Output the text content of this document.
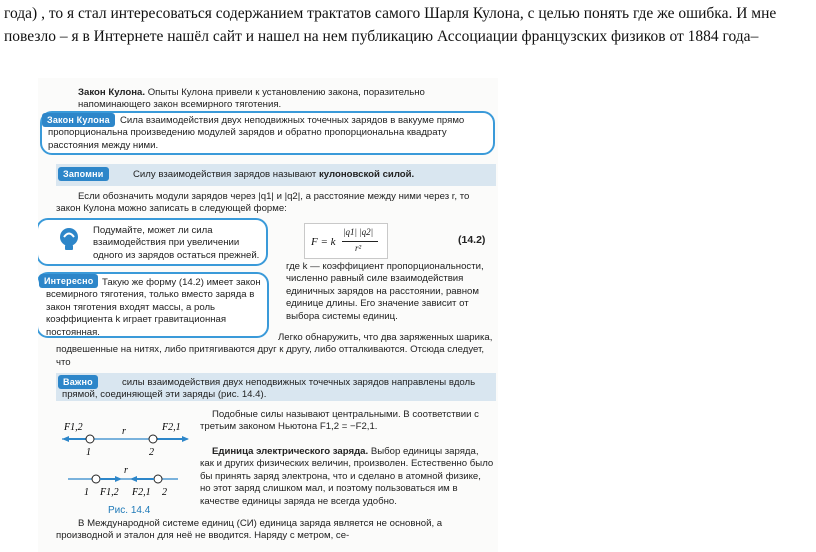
года) , то я стал интересоваться содержанием трактатов самого Шарля Кулона, с целью понять где же ошибка. И мне
повезло – я в Интернете нашёл сайт и нашел на нем публикацию Ассоциации французских физиков от 1884 года–
Закон Кулона. Опыты Кулона привели к установлению закона, поразительно напоминающего закон всемирного тяготения.
Закон Кулона	Сила взаимодействия двух неподвижных точечных зарядов в вакууме прямо пропорциональна произведению модулей зарядов и обратно пропорциональна квадрату расстояния между ними.
Запомни	Силу взаимодействия зарядов называют кулоновской силой.
Если обозначить модули зарядов через |q1| и |q2|, а расстояние между ними через r, то закон Кулона можно записать в следующей форме:
Подумайте, может ли сила взаимодействия при увеличении одного из зарядов остаться прежней.
F = k
|q1| |q2|
r²
(14.2)
где k — коэффициент пропорциональности, численно равный силе взаимодействия единичных зарядов на расстоянии, равном единице длины. Его значение зависит от выбора системы единиц.
Интересно Такую же форму (14.2) имеет закон всемирного тяготения, только вместо заряда в закон тяготения входят массы, а роль коэффициента k играет гравитационная постоянная.	Легко обнаружить, что два заряженных шарика, подвешенные на нитях, либо притягиваются друг к другу, либо отталкиваются. Отсюда следует, что
Важно	силы взаимодействия двух неподвижных точечных зарядов направлены вдоль прямой, соединяющей эти заряды (рис. 14.4).
F1,2	F2,1
r
1	2
r
1 F1,2 F2,1 2
Рис. 14.4
Подобные силы называют центральными. В соответствии с третьим законом Ньютона F1,2 = −F2,1.
Единица электрического заряда. Выбор единицы заряда, как и других физических величин, произволен. Естественно было бы принять заряд электрона, что и сделано в атомной физике, но этот заряд слишком мал, и поэтому пользоваться им в качестве единицы заряда не всегда удобно.
В Международной системе единиц (СИ) единица заряда является не основной, а производной и эталон для неё не вводится. Наряду с метром, се-
